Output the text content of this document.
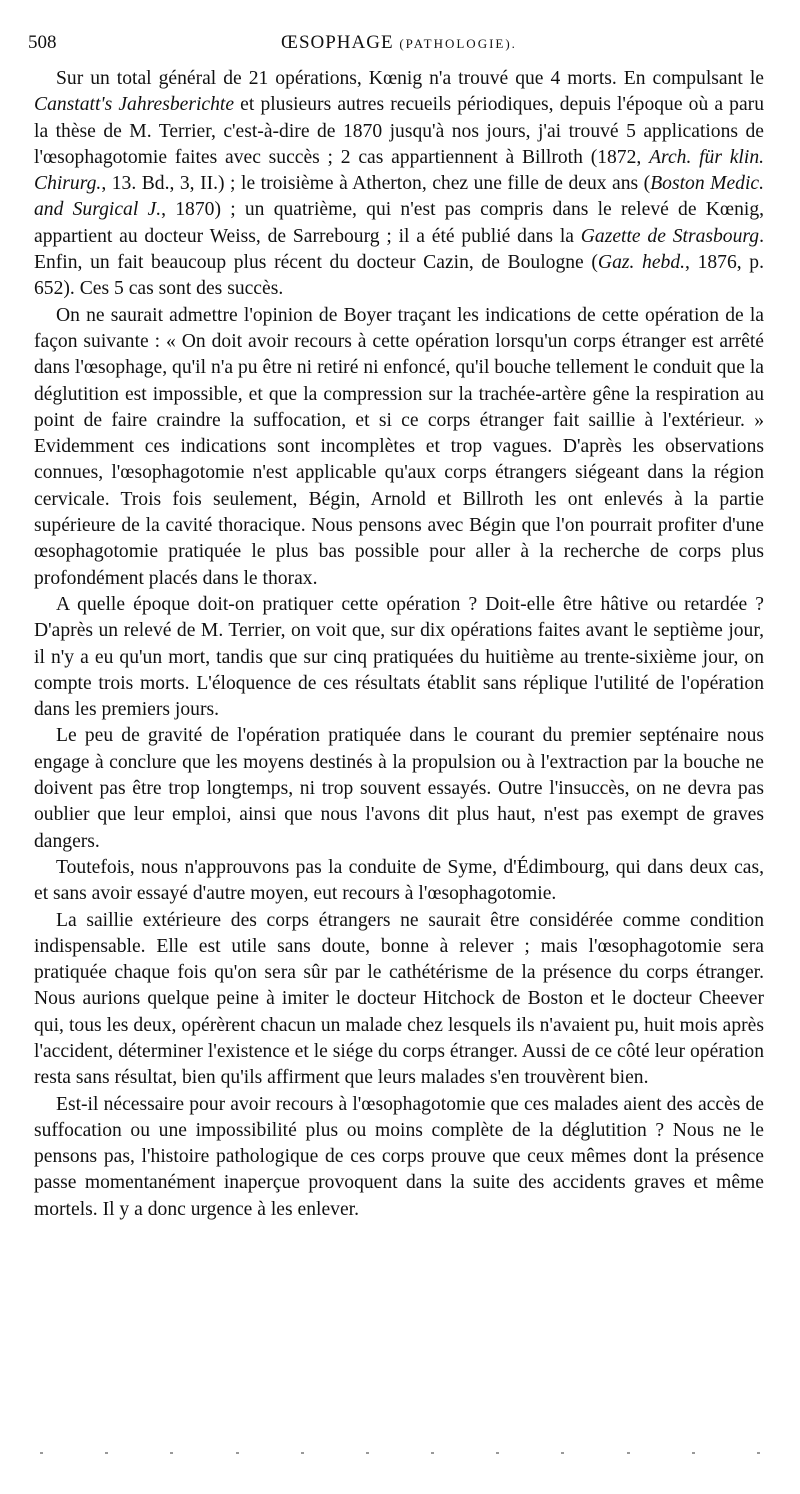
508	ŒSOPHAGE (PATHOLOGIE).

Sur un total général de 21 opérations, Kœnig n'a trouvé que 4 morts. En compulsant le Canstatt's Jahresberichte et plusieurs autres recueils périodiques, depuis l'époque où a paru la thèse de M. Terrier, c'est-à-dire de 1870 jusqu'à nos jours, j'ai trouvé 5 applications de l'œsophagotomie faites avec succès ; 2 cas appartiennent à Billroth (1872, Arch. für klin. Chirurg., 13. Bd., 3, II.) ; le troisième à Atherton, chez une fille de deux ans (Boston Medic. and Surgical J., 1870) ; un quatrième, qui n'est pas compris dans le relevé de Kœnig, appartient au docteur Weiss, de Sarrebourg ; il a été publié dans la Gazette de Strasbourg. Enfin, un fait beaucoup plus récent du docteur Cazin, de Boulogne (Gaz. hebd., 1876, p. 652). Ces 5 cas sont des succès.

On ne saurait admettre l'opinion de Boyer traçant les indications de cette opération de la façon suivante : « On doit avoir recours à cette opération lorsqu'un corps étranger est arrêté dans l'œsophage, qu'il n'a pu être ni retiré ni enfoncé, qu'il bouche tellement le conduit que la déglutition est impossible, et que la compression sur la trachée-artère gêne la respiration au point de faire craindre la suffocation, et si ce corps étranger fait saillie à l'extérieur. » Evidemment ces indications sont incomplètes et trop vagues. D'après les observations connues, l'œsophagotomie n'est applicable qu'aux corps étrangers siégeant dans la région cervicale. Trois fois seulement, Bégin, Arnold et Billroth les ont enlevés à la partie supérieure de la cavité thoracique. Nous pensons avec Bégin que l'on pourrait profiter d'une œsophagotomie pratiquée le plus bas possible pour aller à la recherche de corps plus profondément placés dans le thorax.

A quelle époque doit-on pratiquer cette opération ? Doit-elle être hâtive ou retardée ? D'après un relevé de M. Terrier, on voit que, sur dix opérations faites avant le septième jour, il n'y a eu qu'un mort, tandis que sur cinq pratiquées du huitième au trente-sixième jour, on compte trois morts. L'éloquence de ces résultats établit sans réplique l'utilité de l'opération dans les premiers jours.

Le peu de gravité de l'opération pratiquée dans le courant du premier septénaire nous engage à conclure que les moyens destinés à la propulsion ou à l'extraction par la bouche ne doivent pas être trop longtemps, ni trop souvent essayés. Outre l'insuccès, on ne devra pas oublier que leur emploi, ainsi que nous l'avons dit plus haut, n'est pas exempt de graves dangers.

Toutefois, nous n'approuvons pas la conduite de Syme, d'Édimbourg, qui dans deux cas, et sans avoir essayé d'autre moyen, eut recours à l'œsophagotomie.

La saillie extérieure des corps étrangers ne saurait être considérée comme condition indispensable. Elle est utile sans doute, bonne à relever ; mais l'œsophagotomie sera pratiquée chaque fois qu'on sera sûr par le cathétérisme de la présence du corps étranger. Nous aurions quelque peine à imiter le docteur Hitchock de Boston et le docteur Cheever qui, tous les deux, opérèrent chacun un malade chez lesquels ils n'avaient pu, huit mois après l'accident, déterminer l'existence et le siége du corps étranger. Aussi de ce côté leur opération resta sans résultat, bien qu'ils affirment que leurs malades s'en trouvèrent bien.

Est-il nécessaire pour avoir recours à l'œsophagotomie que ces malades aient des accès de suffocation ou une impossibilité plus ou moins complète de la déglutition ? Nous ne le pensons pas, l'histoire pathologique de ces corps prouve que ceux mêmes dont la présence passe momentanément inaperçue provoquent dans la suite des accidents graves et même mortels. Il y a donc urgence à les enlever.
